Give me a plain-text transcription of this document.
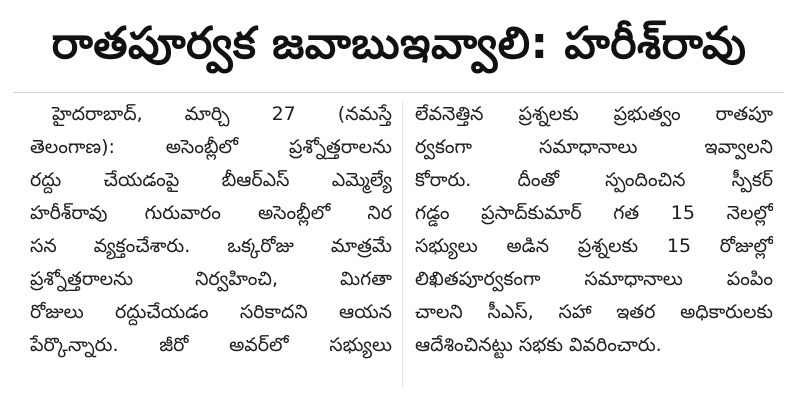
రాతపూర్వక జవాబుఇవ్వాలి: హరీశ్‌రావు
హైదరాబాద్, మార్చి 27 (నమస్తే
తెలంగాణ): అసెంబ్లీలో ప్రశ్నోత్తరాలను
రద్దు చేయడంపై బీఆర్ఎస్ ఎమ్మెల్యే
హరీశ్‌రావు గురువారం అసెంబ్లీలో నిర
సన వ్యక్తంచేశారు. ఒక్కరోజు మాత్రమే
ప్రశ్నోత్తరాలను నిర్వహించి, మిగతా
రోజులు రద్దుచేయడం సరికాదని ఆయన
పేర్కొన్నారు. జీరో అవర్‌లో సభ్యులు
లేవనెత్తిన ప్రశ్నలకు ప్రభుత్వం రాతపూ
ర్వకంగా సమాధానాలు ఇవ్వాలని
కోరారు. దీంతో స్పందించిన స్పీకర్
గడ్డం ప్రసాద్‌కుమార్ గత 15 నెలల్లో
సభ్యులు అడిన ప్రశ్నలకు 15 రోజుల్లో
లిఖితపూర్వకంగా సమాధానాలు పంపిం
చాలని సీఎస్, సహా ఇతర అధికారులకు
ఆదేశించినట్టు సభకు వివరించారు.
